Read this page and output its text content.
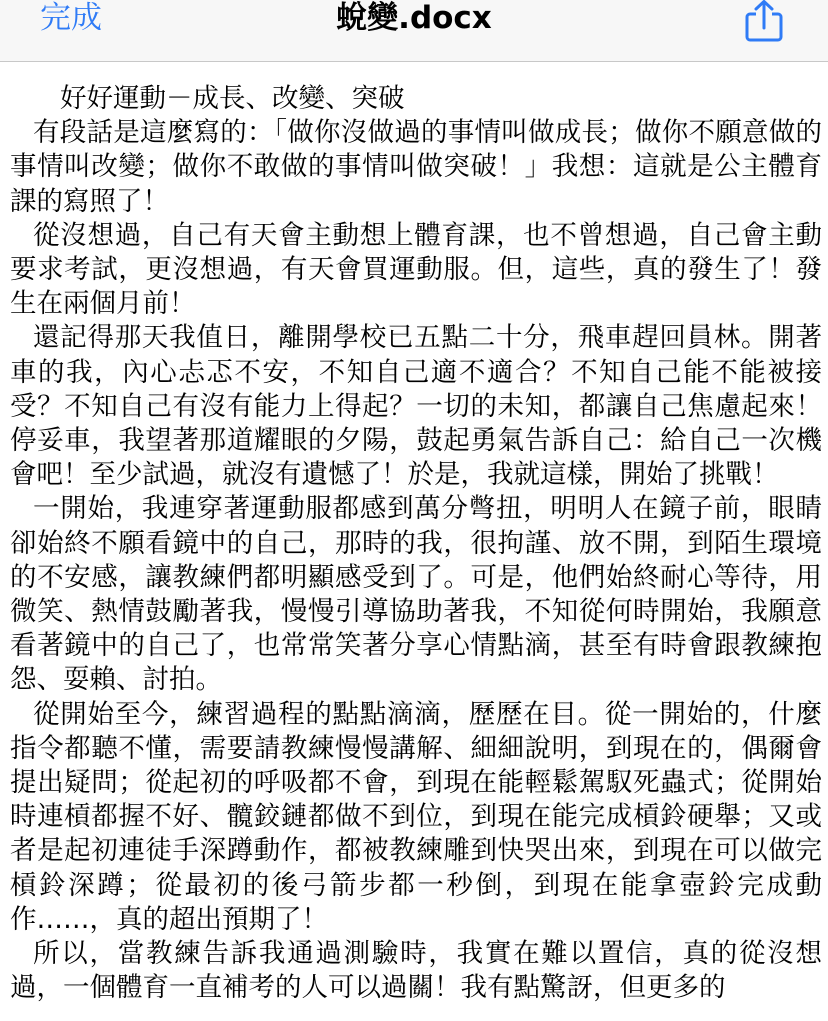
完成	蛻變.docx

好好運動－成長、改變、突破

有段話是這麼寫的：「做你沒做過的事情叫做成長；做你不願意做的事情叫改變；做你不敢做的事情叫做突破！」我想：這就是公主體育課的寫照了！

從沒想過，自己有天會主動想上體育課，也不曾想過，自己會主動要求考試，更沒想過，有天會買運動服。但，這些，真的發生了！發生在兩個月前！

還記得那天我值日，離開學校已五點二十分，飛車趕回員林。開著車的我，內心忐忑不安，不知自己適不適合？不知自己能不能被接受？不知自己有沒有能力上得起？一切的未知，都讓自己焦慮起來！停妥車，我望著那道耀眼的夕陽，鼓起勇氣告訴自己：給自己一次機會吧！至少試過，就沒有遺憾了！於是，我就這樣，開始了挑戰！

一開始，我連穿著運動服都感到萬分彆扭，明明人在鏡子前，眼睛卻始終不願看鏡中的自己，那時的我，很拘謹、放不開，到陌生環境的不安感，讓教練們都明顯感受到了。可是，他們始終耐心等待，用微笑、熱情鼓勵著我，慢慢引導協助著我，不知從何時開始，我願意看著鏡中的自己了，也常常笑著分享心情點滴，甚至有時會跟教練抱怨、耍賴、討拍。

從開始至今，練習過程的點點滴滴，歷歷在目。從一開始的，什麼指令都聽不懂，需要請教練慢慢講解、細細說明，到現在的，偶爾會提出疑問；從起初的呼吸都不會，到現在能輕鬆駕馭死蟲式；從開始時連槓都握不好、髖鉸鏈都做不到位，到現在能完成槓鈴硬舉；又或者是起初連徒手深蹲動作，都被教練雕到快哭出來，到現在可以做完槓鈴深蹲；從最初的後弓箭步都一秒倒，到現在能拿壺鈴完成動作……，真的超出預期了！

所以，當教練告訴我通過測驗時，我實在難以置信，真的從沒想過，一個體育一直補考的人可以過關！我有點驚訝，但更多的
